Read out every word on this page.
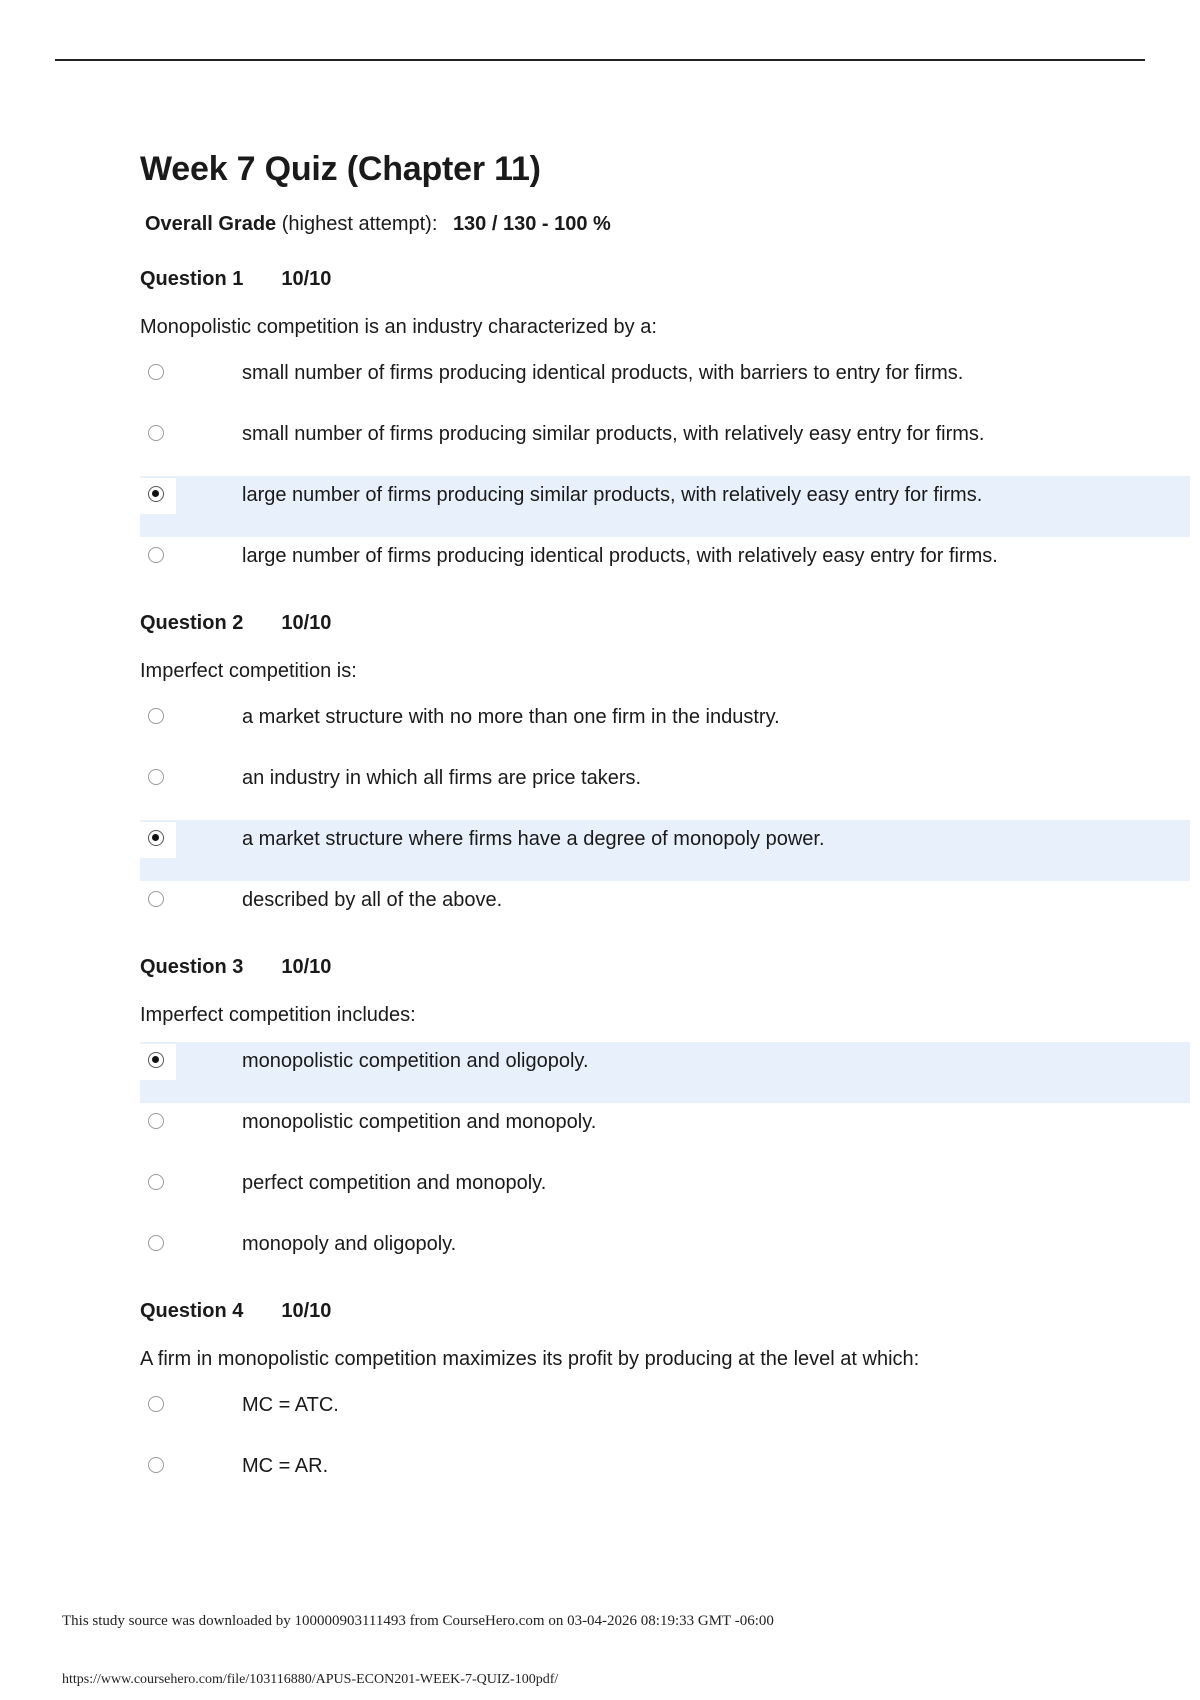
Week 7 Quiz (Chapter 11)
Overall Grade (highest attempt): 130 / 130 - 100 %
Question 1 10/10
Monopolistic competition is an industry characterized by a:
small number of firms producing identical products, with barriers to entry for firms.
small number of firms producing similar products, with relatively easy entry for firms.
large number of firms producing similar products, with relatively easy entry for firms.
large number of firms producing identical products, with relatively easy entry for firms.
Question 2 10/10
Imperfect competition is:
a market structure with no more than one firm in the industry.
an industry in which all firms are price takers.
a market structure where firms have a degree of monopoly power.
described by all of the above.
Question 3 10/10
Imperfect competition includes:
monopolistic competition and oligopoly.
monopolistic competition and monopoly.
perfect competition and monopoly.
monopoly and oligopoly.
Question 4 10/10
A firm in monopolistic competition maximizes its profit by producing at the level at which:
MC = ATC.
MC = AR.
This study source was downloaded by 100000903111493 from CourseHero.com on 03-04-2026 08:19:33 GMT -06:00
https://www.coursehero.com/file/103116880/APUS-ECON201-WEEK-7-QUIZ-100pdf/
